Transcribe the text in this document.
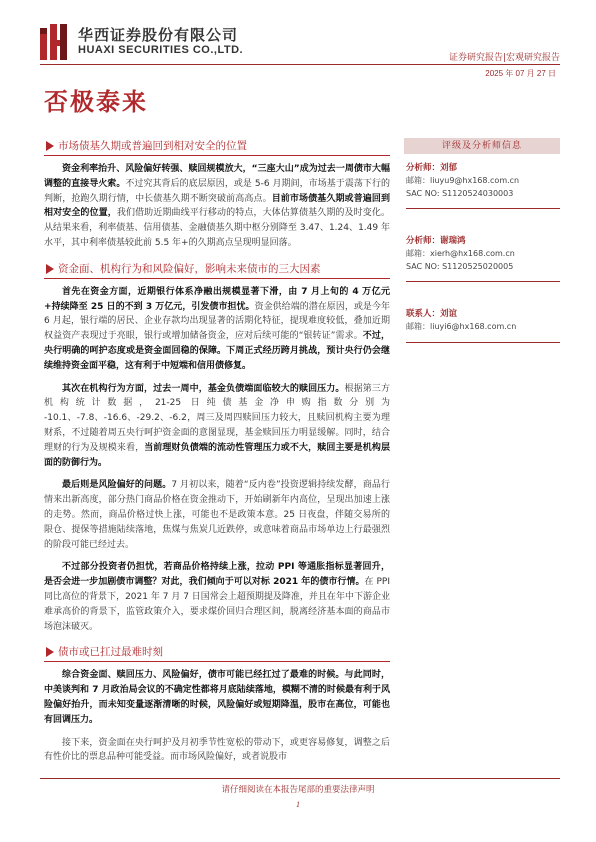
华西证券股份有限公司
HUAXI SECURITIES CO.,LTD.
证券研究报告|宏观研究报告
2025 年 07 月 27 日
否极泰来
市场债基久期或普遍回到相对安全的位置

资金利率抬升、风险偏好转强、赎回规模放大，“三座大山”成为过去一周债市大幅调整的直接导火索。不过究其背后的底层原因，或是 5-6 月期间，市场基于震荡下行的判断，抢跑久期行情，中长债基久期不断突破前高高点。目前市场债基久期或普遍回到相对安全的位置，我们借助近期曲线平行移动的特点，大体估算债基久期的及时变化。从结果来看，利率债基、信用债基、金融债基久期中枢分别降至 3.47、1.24、1.49 年水平，其中利率债基较此前 5.5 年+的久期高点呈现明显回落。

资金面、机构行为和风险偏好，影响未来债市的三大因素

首先在资金方面，近期银行体系净融出规模显著下滑，由 7 月上旬的 4 万亿元+持续降至 25 日的不到 3 万亿元，引发债市担忧。资金供给端的潜在原因，或是今年 6 月起，银行端的居民、企业存款均出现显著的活期化特征，提现难度较低，叠加近期权益资产表现过于亮眼，银行或增加储备资金，应对后续可能的“银转证”需求。不过，央行明确的呵护态度或是资金面回稳的保障。下周正式经历跨月挑战，预计央行仍会继续维持资金面平稳，这有利于中短端和信用债修复。

其次在机构行为方面，过去一周中，基金负债端面临较大的赎回压力。根据第三方机构统计数据，21-25 日纯债基金净申购指数分别为 -10.1、-7.8、-16.6、-29.2、-6.2，周三及周四赎回压力较大，且赎回机构主要为理财系，不过随着周五央行呵护资金面的意图显现，基金赎回压力明显缓解。同时，结合理财的行为及规模来看，当前理财负债端的流动性管理压力或不大，赎回主要是机构层面的防御行为。

最后则是风险偏好的问题。7 月初以来，随着“反内卷”投资逻辑持续发酵，商品行情来出新高度，部分热门商品价格在资金推动下，开始刷新年内高位，呈现出加速上涨的走势。然而，商品价格过快上涨，可能也不是政策本意。25 日夜盘，伴随交易所的限仓、提保等措施陆续落地，焦煤与焦炭几近跌停，或意味着商品市场单边上行最强烈的阶段可能已经过去。

不过部分投资者仍担忧，若商品价格持续上涨，拉动 PPI 等通胀指标显著回升，是否会进一步加剧债市调整？对此，我们倾向于可以对标 2021 年的债市行情。在 PPI 同比高位的背景下，2021 年 7 月 7 日国常会上超预期提及降准，并且在年中下游企业难承高价的背景下，监管政策介入，要求煤价回归合理区间，脱离经济基本面的商品市场泡沫破灭。

债市或已扛过最难时刻

综合资金面、赎回压力、风险偏好，债市可能已经扛过了最难的时候。与此同时，中美谈判和 7 月政治局会议的不确定性都将月底陆续落地，模糊不清的时候最有利于风险偏好抬升，而未知变量逐渐清晰的时候，风险偏好或短期降温，股市在高位，可能也有回调压力。

接下来，资金面在央行呵护及月初季节性宽松的带动下，或更容易修复，调整之后有性价比的票息品种可能受益。而市场风险偏好，或者说股市

评级及分析师信息
分析师：刘郁
邮箱：liuyu9@hx168.com.cn
SAC NO: S1120524030003
分析师：谢瑞鸿
邮箱：xierh@hx168.com.cn
SAC NO: S1120525020005
联系人：刘谊
邮箱：liuyi6@hx168.com.cn
请仔细阅读在本报告尾部的重要法律声明
1
